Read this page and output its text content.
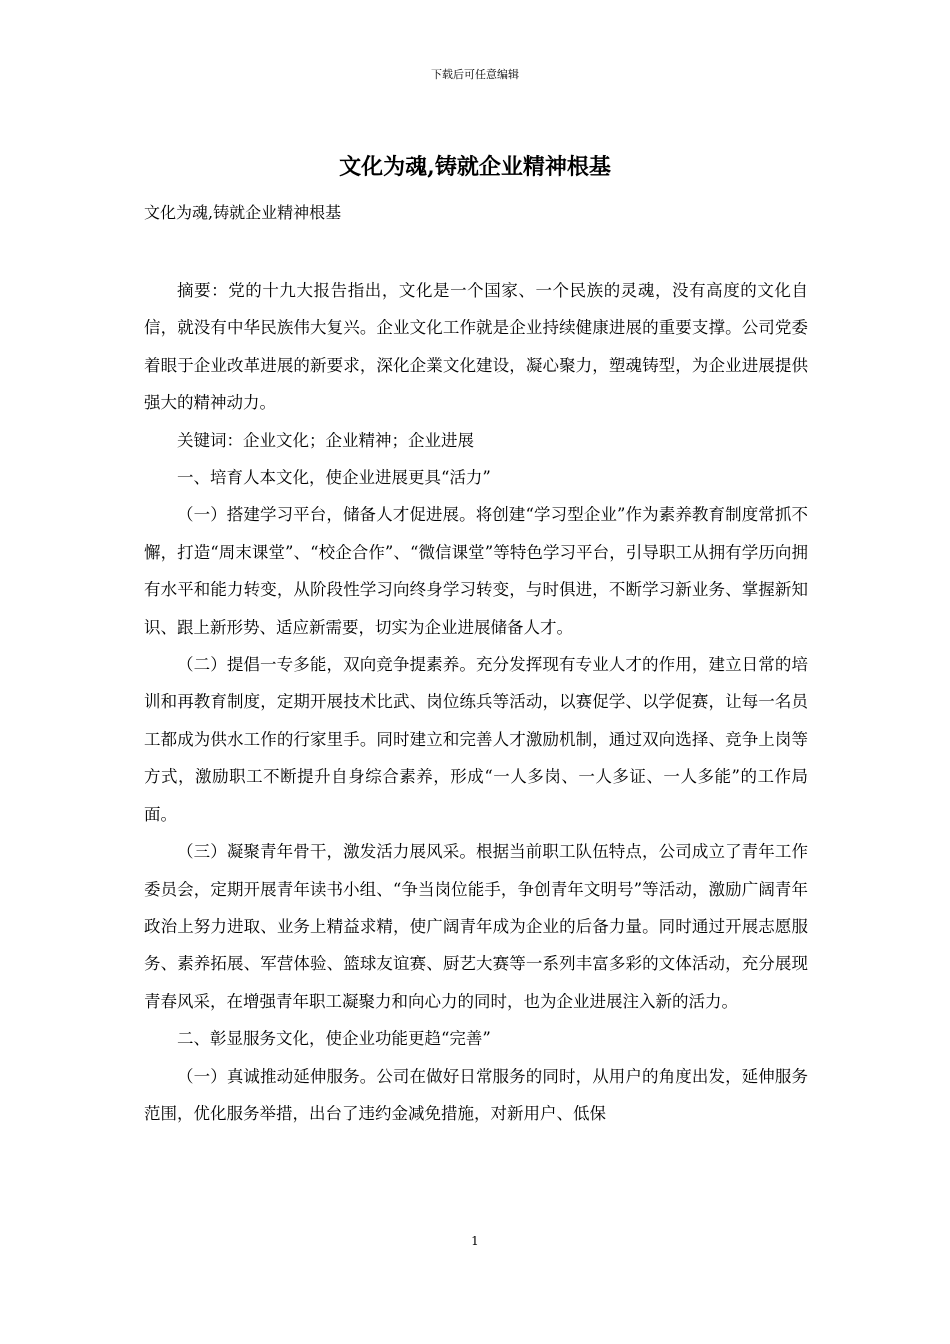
下载后可任意编辑
文化为魂,铸就企业精神根基

文化为魂,铸就企业精神根基

摘要：党的十九大报告指出，文化是一个国家、一个民族的灵魂，没有高度的文化自信，就没有中华民族伟大复兴。企业文化工作就是企业持续健康进展的重要支撑。公司党委着眼于企业改革进展的新要求，深化企業文化建设，凝心聚力，塑魂铸型，为企业进展提供强大的精神动力。

关键词：企业文化；企业精神；企业进展

一、培育人本文化，使企业进展更具“活力”

（一）搭建学习平台，储备人才促进展。将创建“学习型企业”作为素养教育制度常抓不懈，打造“周末课堂”、“校企合作”、“微信课堂”等特色学习平台，引导职工从拥有学历向拥有水平和能力转变，从阶段性学习向终身学习转变，与时俱进，不断学习新业务、掌握新知识、跟上新形势、适应新需要，切实为企业进展储备人才。

（二）提倡一专多能，双向竞争提素养。充分发挥现有专业人才的作用，建立日常的培训和再教育制度，定期开展技术比武、岗位练兵等活动，以赛促学、以学促赛，让每一名员工都成为供水工作的行家里手。同时建立和完善人才激励机制，通过双向选择、竞争上岗等方式，激励职工不断提升自身综合素养，形成“一人多岗、一人多证、一人多能”的工作局面。

（三）凝聚青年骨干，激发活力展风采。根据当前职工队伍特点，公司成立了青年工作委员会，定期开展青年读书小组、“争当岗位能手，争创青年文明号”等活动，激励广阔青年政治上努力进取、业务上精益求精，使广阔青年成为企业的后备力量。同时通过开展志愿服务、素养拓展、军营体验、篮球友谊赛、厨艺大赛等一系列丰富多彩的文体活动，充分展现青春风采，在增强青年职工凝聚力和向心力的同时，也为企业进展注入新的活力。

二、彰显服务文化，使企业功能更趋“完善”

（一）真诚推动延伸服务。公司在做好日常服务的同时，从用户的角度出发，延伸服务范围，优化服务举措，出台了违约金减免措施，对新用户、低保

1
